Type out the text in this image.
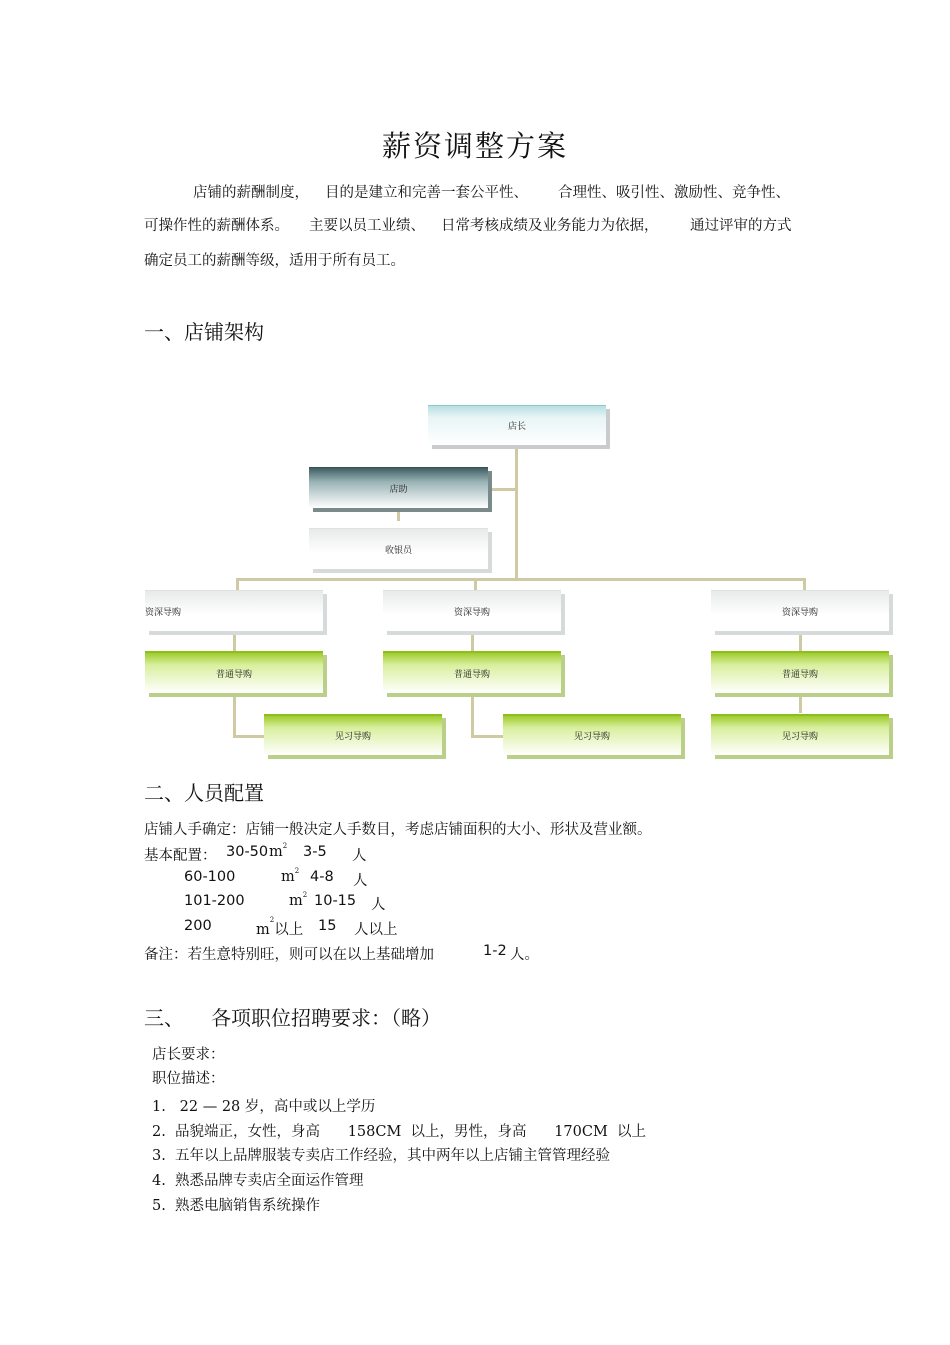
薪资调整方案
店铺的薪酬制度， 目的是建立和完善一套公平性、 合理性、吸引性、激励性、竞争性、
可操作性的薪酬体系。 主要以员工业绩、 日常考核成绩及业务能力为依据， 通过评审的方式
确定员工的薪酬等级，适用于所有员工。
一、店铺架构
店长
店助
收银员
资深导购	资深导购	资深导购
普通导购	普通导购	普通导购
见习导购	见习导购	见习导购
二、人员配置
店铺人手确定：店铺一般决定人手数目，考虑店铺面积的大小、形状及营业额。
基本配置： 30-50 $m^2$ 3-5 人
60-100	$m^2$ 4-8 人
101-200	$m^2$ 10-15 人
200	$m^2$以上 15 人以上
备注：若生意特别旺，则可以在以上基础增加	1-2 人。
三、 各项职位招聘要求：（略）
店长要求：
职位描述：
1.   22 — 28 岁，高中或以上学历
2.  品貌端正，女性，身高      158CM  以上，男性，身高      170CM  以上
3.  五年以上品牌服装专卖店工作经验，其中两年以上店铺主管管理经验
4.  熟悉品牌专卖店全面运作管理
5.  熟悉电脑销售系统操作
